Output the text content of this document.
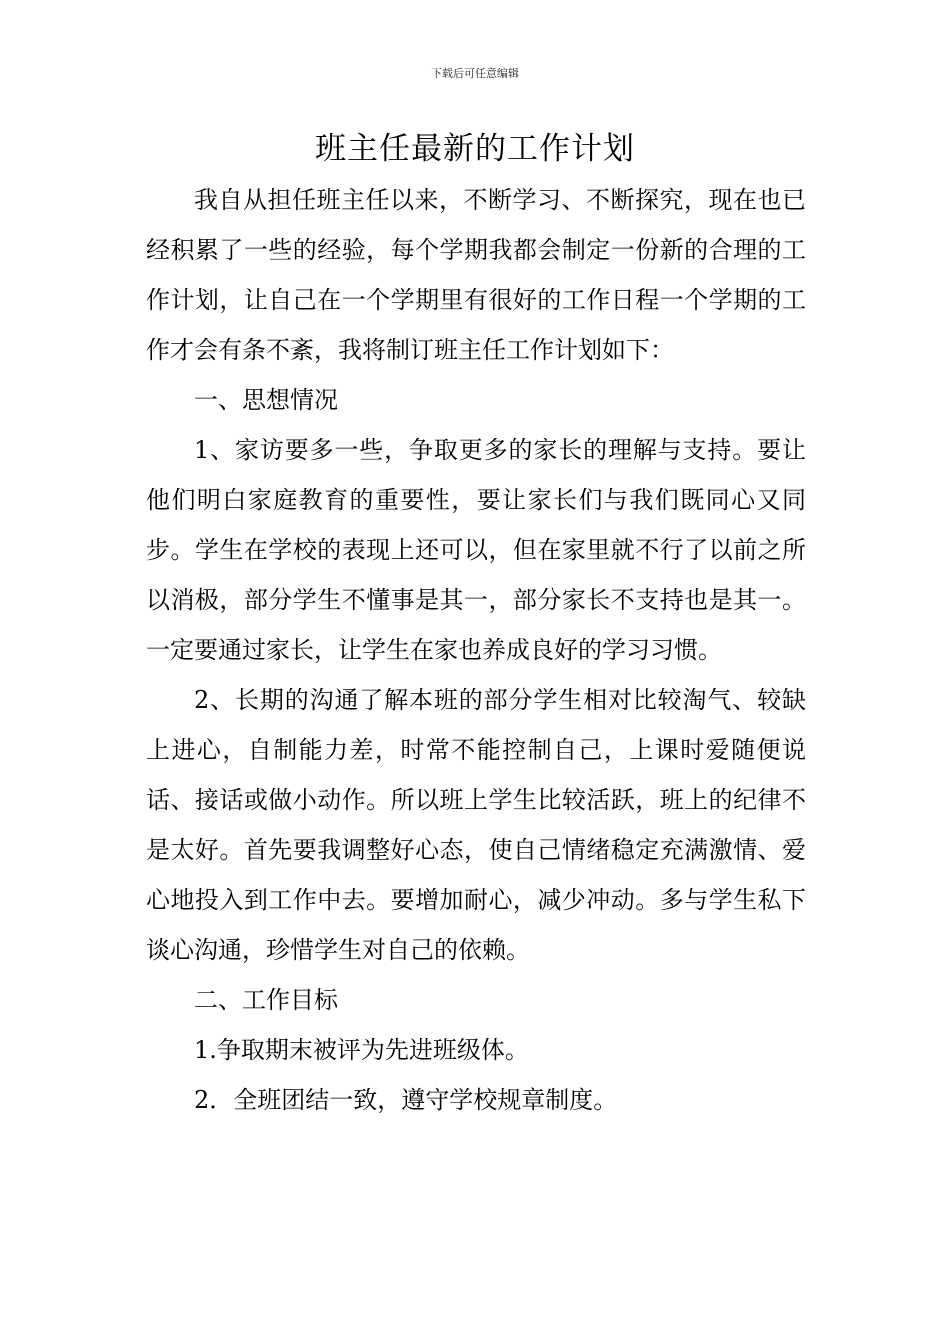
下载后可任意编辑
班主任最新的工作计划

我自从担任班主任以来，不断学习、不断探究，现在也已经积累了一些的经验，每个学期我都会制定一份新的合理的工作计划，让自己在一个学期里有很好的工作日程一个学期的工作才会有条不紊，我将制订班主任工作计划如下：

一、思想情况

1、家访要多一些，争取更多的家长的理解与支持。要让他们明白家庭教育的重要性，要让家长们与我们既同心又同步。学生在学校的表现上还可以，但在家里就不行了以前之所以消极，部分学生不懂事是其一，部分家长不支持也是其一。一定要通过家长，让学生在家也养成良好的学习习惯。

2、长期的沟通了解本班的部分学生相对比较淘气、较缺上进心，自制能力差，时常不能控制自己，上课时爱随便说话、接话或做小动作。所以班上学生比较活跃，班上的纪律不是太好。首先要我调整好心态，使自己情绪稳定充满激情、爱心地投入到工作中去。要增加耐心，减少冲动。多与学生私下谈心沟通，珍惜学生对自己的依赖。

二、工作目标

1.争取期末被评为先进班级体。

2．全班团结一致，遵守学校规章制度。
